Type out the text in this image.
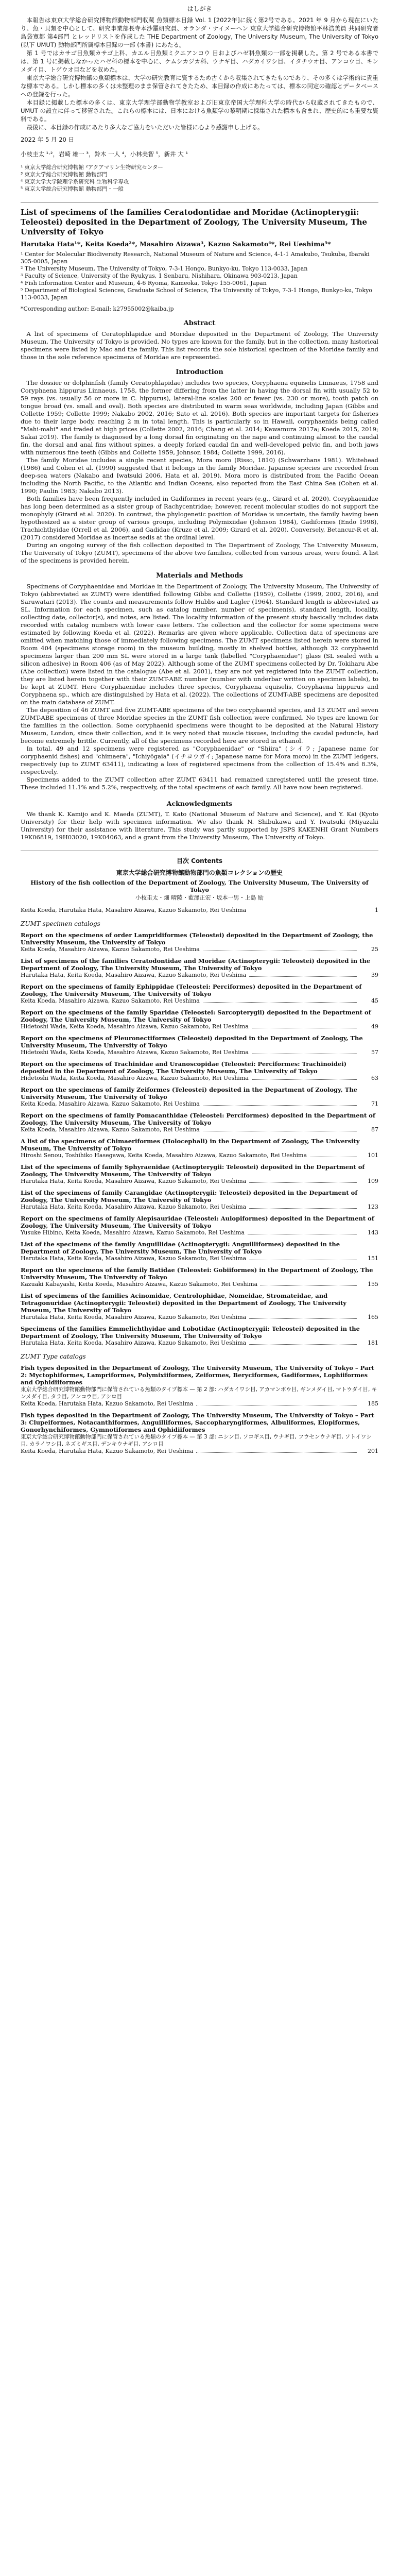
はしがき

本報告は東京大学総合研究博物館動物部門収蔵 魚類標本目録 Vol. 1 [2022年]に続く第2号である。2021 年 9 月から現在にいたり、魚・貝類を中心として、研究事業部長寺本沙羅研究員、オランダ・ナイメーヘン 東京大学総合研究博物館平林浩美員 共同研究者 島袋寛都 第4部門 とレッドリストを作成した THE Department of Zoology, The University Museum, The University of Tokyo (以下 UMUT) 動物部門所属標本目録の一部 (本書) にあたる。

第 1 号ではカサゴ目魚類カサゴ上科、カエル目魚類ミクニアンコウ 目およびハゼ科魚類の一部を掲載した。第 2 号である本書では、第 1 号に掲載しなかったハゼ科の標本を中心に、ケムシカジカ科、ウナギ目、ハダカイワシ目、イタチウオ目、アンコウ目、キンメダイ目、トゲウオ目などを収めた。

東京大学総合研究博物館の魚類標本は、大学の研究教育に資するため古くから収集されてきたものであり、その多くは学術的に貴重な標本である。しかし標本の多くは未整理のまま保管されてきたため、本目録の作成にあたっては、標本の同定の確認とデータベースへの登録を行った。

本目録に掲載した標本の多くは、東京大学理学部動物学教室および旧東京帝国大学理科大学の時代から収蔵されてきたもので、UMUT の設立に伴って移管された。これらの標本には、日本における魚類学の黎明期に採集された標本も含まれ、歴史的にも重要な資料である。

最後に、本目録の作成にあたり多大なご協力をいただいた皆様に心より感謝申し上げる。

2022 年 5 月 20 日

小枝圭太 ¹·²，岩崎 雄一 ³，鈴木 一人 ⁴，小林美智 ⁵，新井 大 ¹

¹ 東京大学総合研究博物館 ²アクアマリン生物研究センター

³ 東京大学総合研究博物館 動物部門

⁴ 東京大学大学院理学系研究科 生物科学専攻

⁵ 東京大学総合研究博物館 動物部門・一般

List of specimens of the families Ceratodontidae and Moridae (Actinopterygii: Teleostei) deposited in the Department of Zoology, The University Museum, The University of Tokyo

Harutaka Hata¹*, Keita Koeda²*, Masahiro Aizawa³, Kazuo Sakamoto⁴*, Rei Ueshima⁵*

¹ Center for Molecular Biodiversity Research, National Museum of Nature and Science, 4-1-1 Amakubo, Tsukuba, Ibaraki 305-0005, Japan

² The University Museum, The University of Tokyo, 7-3-1 Hongo, Bunkyo-ku, Tokyo 113-0033, Japan

³ Faculty of Science, University of the Ryukyus, 1 Senbaru, Nishihara, Okinawa 903-0213, Japan

⁴ Fish Information Center and Museum, 4-6 Ryoma, Kameoka, Tokyo 155-0061, Japan

⁵ Department of Biological Sciences, Graduate School of Science, The University of Tokyo, 7-3-1 Hongo, Bunkyo-ku, Tokyo 113-0033, Japan

*Corresponding author: E-mail: k27955002@kaiba.jp

Abstract

A list of specimens of Ceratophlapidae and Moridae deposited in the Department of Zoology, The University Museum, The University of Tokyo is provided. No types are known for the family, but in the collection, many historical specimens were listed by Mac and the family. This list records the sole historical specimen of the Moridae family and those in the sole reference specimens of Moridae are represented.

Introduction

The dossier or dolphinfish (family Ceratophlapidae) includes two species, Coryphaena equiselis Linnaeus, 1758 and Coryphaena hippurus Linnaeus, 1758, the former differing from the latter in having the dorsal fin with usually 52 to 59 rays (vs. usually 56 or more in C. hippurus), lateral-line scales 200 or fewer (vs. 230 or more), tooth patch on tongue broad (vs. small and oval). Both species are distributed in warm seas worldwide, including Japan (Gibbs and Collette 1959; Collette 1999; Nakabo 2002, 2016; Sato et al. 2016). Both species are important targets for fisheries due to their large body, reaching 2 m in total length. This is particularly so in Hawaii, coryphaenids being called "Mahi-mahi" and traded at high prices (Collette 2002, 2016; Chang et al. 2014; Kawamura 2017a; Koeda 2015, 2019; Sakai 2019). The family is diagnosed by a long dorsal fin originating on the nape and continuing almost to the caudal fin, the dorsal and anal fins without spines, a deeply forked caudal fin and well-developed pelvic fin, and both jaws with numerous fine teeth (Gibbs and Collette 1959, Johnson 1984; Collette 1999, 2016).

The family Moridae includes a single recent species, Mora moro (Risso, 1810) (Schwarzhans 1981). Whitehead (1986) and Cohen et al. (1990) suggested that it belongs in the family Moridae. Japanese species are recorded from deep-sea waters (Nakabo and Iwatsuki 2006, Hata et al. 2019). Mora moro is distributed from the Pacific Ocean including the North Pacific, to the Atlantic and Indian Oceans, also reported from the East China Sea (Cohen et al. 1990; Paulin 1983; Nakabo 2013).

Both families have been frequently included in Gadiformes in recent years (e.g., Girard et al. 2020). Coryphaenidae has long been determined as a sister group of Rachycentridae; however, recent molecular studies do not support the monophyly (Girard et al. 2020). In contrast, the phylogenetic position of Moridae is uncertain, the family having been hypothesized as a sister group of various groups, including Polymixiidae (Johnson 1984), Gadiformes (Endo 1998), Trachichthyidae (Orrell et al. 2006), and Gadidae (Kruze et al. 2009; Girard et al. 2020). Conversely, Betancur-R et al. (2017) considered Moridae as incertae sedis at the ordinal level.

During an ongoing survey of the fish collection deposited in The Department of Zoology, The University Museum, The University of Tokyo (ZUMT), specimens of the above two families, collected from various areas, were found. A list of the specimens is provided herein.

Materials and Methods

Specimens of Coryphaenidae and Moridae in the Department of Zoology, The University Museum, The University of Tokyo (abbreviated as ZUMT) were identified following Gibbs and Collette (1959), Collette (1999, 2002, 2016), and Saruwatari (2013). The counts and measurements follow Hubbs and Lagler (1964). Standard length is abbreviated as SL. Information for each specimen, such as catalog number, number of specimen(s), standard length, locality, collecting date, collector(s), and notes, are listed. The locality information of the present study basically includes data recorded with catalog numbers with lower case letters. The collection and the collector for some specimens were estimated by following Koeda et al. (2022). Remarks are given where applicable. Collection data of specimens are omitted when matching those of immediately following specimens. The ZUMT specimens listed herein were stored in Room 404 (specimens storage room) in the museum building, mostly in shelved bottles, although 32 coryphaenid specimens larger than 200 mm SL were stored in a large tank (labelled "Coryphaenidae") glass (SL sealed with a silicon adhesive) in Room 406 (as of May 2022). Although some of the ZUMT specimens collected by Dr. Tokiharu Abe (Abe collection) were listed in the catalogue (Abe et al. 2001), they are not yet registered into the ZUMT collection, they are listed herein together with their ZUMT-ABE number (number with underbar written on specimen labels), to be kept at ZUMT. Here Coryphaenidae includes three species, Coryphaena equiselis, Coryphaena hippurus and Coryphaena sp., which are distinguished by Hata et al. (2022). The collections of ZUMT-ABE specimens are deposited on the main database of ZUMT.

The deposition of 46 ZUMT and five ZUMT-ABE specimens of the two coryphaenid species, and 13 ZUMT and seven ZUMT-ABE specimens of three Moridae species in the ZUMT fish collection were confirmed. No types are known for the families in the collection. Some coryphaenid specimens were thought to be deposited at the Natural History Museum, London, since their collection, and it is very noted that muscle tissues, including the caudal peduncle, had become extremely brittle. Currently, all of the specimens recorded here are stored in ethanol.

In total, 49 and 12 specimens were registered as "Coryphaenidae" or "Shiira" (シイラ; Japanese name for coryphaenid fishes) and "chimaera", "Ichiyōgaia" (イチヨウガイ; Japanese name for Mora moro) in the ZUMT ledgers, respectively (up to ZUMT 63411), indicating a loss of registered specimens from the collection of 15.4% and 8.3%, respectively.

Specimens added to the ZUMT collection after ZUMT 63411 had remained unregistered until the present time. These included 11.1% and 5.2%, respectively, of the total specimens of each family. All have now been registered.

Acknowledgments

We thank K. Kamijo and K. Maeda (ZUMT), T. Kato (National Museum of Nature and Science), and Y. Kai (Kyoto University) for their help with specimen information. We also thank N. Shibukawa and Y. Iwatsuki (Miyazaki University) for their assistance with literature. This study was partly supported by JSPS KAKENHI Grant Numbers 19K06819, 19H03020, 19K04063, and a grant from the University Museum, The University of Tokyo.

目次 Contents

東京大学総合研究博物館動物部門の魚類コレクションの歴史

History of the fish collection of the Department of Zoology, The University Museum, The University of Tokyo

小枝圭太・畑 晴陵・藍澤正宏・坂本一男・上島 励

Keita Koeda, Harutaka Hata, Masahiro Aizawa, Kazuo Sakamoto, Rei Ueshima	1

ZUMT specimen catalogs

Report on the specimens of order Lampridiformes (Teleostei) deposited in the Department of Zoology, the University Museum, the University of Tokyo

Keita Koeda, Masahiro Aizawa, Kazuo Sakamoto, Rei Ueshima	25

List of specimens of the families Ceratodontidae and Moridae (Actinopterygii: Teleostei) deposited in the Department of Zoology, The University Museum, The University of Tokyo

Harutaka Hata, Keita Koeda, Masahiro Aizawa, Kazuo Sakamoto, Rei Ueshima	39

Report on the specimens of family Ephippidae (Teleostei: Perciformes) deposited in the Department of Zoology, The University Museum, The University of Tokyo

Keita Koeda, Masahiro Aizawa, Kazuo Sakamoto, Rei Ueshima	45

Report on the specimens of the family Sparidae (Teleostei: Sarcopterygii) deposited in the Department of Zoology, The University Museum, The University of Tokyo

Hidetoshi Wada, Keita Koeda, Masahiro Aizawa, Kazuo Sakamoto, Rei Ueshima	49

Report on the specimens of Pleuronectiformes (Teleostei) deposited in the Department of Zoology, The University Museum, The University of Tokyo

Hidetoshi Wada, Keita Koeda, Masahiro Aizawa, Kazuo Sakamoto, Rei Ueshima	57

Report on the specimens of Trachinidae and Uranoscopidae (Teleostei: Perciformes: Trachinoidei) deposited in the Department of Zoology, The University Museum, The University of Tokyo

Hidetoshi Wada, Keita Koeda, Masahiro Aizawa, Kazuo Sakamoto, Rei Ueshima	63

Report on the specimens of family Zeiformes (Teleostei) deposited in the Department of Zoology, The University Museum, The University of Tokyo

Keita Koeda, Masahiro Aizawa, Kazuo Sakamoto, Rei Ueshima	71

Report on the specimens of family Pomacanthidae (Teleostei: Perciformes) deposited in the Department of Zoology, The University Museum, The University of Tokyo

Keita Koeda, Masahiro Aizawa, Kazuo Sakamoto, Rei Ueshima	87

A list of the specimens of Chimaeriformes (Holocephali) in the Department of Zoology, The University Museum, The University of Tokyo

Hiroshi Senou, Toshihiko Hasegawa, Keita Koeda, Masahiro Aizawa, Kazuo Sakamoto, Rei Ueshima	101

List of the specimens of family Sphyraenidae (Actinopterygii: Teleostei) deposited in the Department of Zoology, The University Museum, The University of Tokyo

Harutaka Hata, Keita Koeda, Masahiro Aizawa, Kazuo Sakamoto, Rei Ueshima	109

List of the specimens of family Carangidae (Actinopterygii: Teleostei) deposited in the Department of Zoology, The University Museum, The University of Tokyo

Harutaka Hata, Keita Koeda, Masahiro Aizawa, Kazuo Sakamoto, Rei Ueshima	123

Report on the specimens of family Alepisauridae (Teleostei: Aulopiformes) deposited in the Department of Zoology, The University Museum, The University of Tokyo

Yusuke Hibino, Keita Koeda, Masahiro Aizawa, Kazuo Sakamoto, Rei Ueshima	143

List of the specimens of the family Anguillidae (Actinopterygii: Anguilliformes) deposited in the Department of Zoology, The University Museum, The University of Tokyo

Harutaka Hata, Keita Koeda, Masahiro Aizawa, Kazuo Sakamoto, Rei Ueshima	151

Report on the specimens of the family Batidae (Teleostei: Gobiiformes) in the Department of Zoology, The University Museum, The University of Tokyo

Kazuaki Kabayashi, Keita Koeda, Masahiro Aizawa, Kazuo Sakamoto, Rei Ueshima	155

List of specimens of the families Acinomidae, Centrolophidae, Nomeidae, Stromateidae, and Tetragonuridae (Actinopterygii: Teleostei) deposited in the Department of Zoology, The University Museum, The University of Tokyo

Harutaka Hata, Keita Koeda, Masahiro Aizawa, Kazuo Sakamoto, Rei Ueshima	165

Specimens of the families Emmelichthyidae and Lobotidae (Actinopterygii: Teleostei) deposited in the Department of Zoology, The University Museum, The University of Tokyo

Harutaka Hata, Keita Koeda, Masahiro Aizawa, Kazuo Sakamoto, Rei Ueshima	181

ZUMT Type catalogs

Fish types deposited in the Department of Zoology, The University Museum, The University of Tokyo – Part 2: Myctophiformes, Lampriformes, Polymixiiformes, Zeiformes, Beryciformes, Gadiformes, Lophiiformes and Ophidiiformes

東京大学総合研究博物館動物部門に保管されている魚類のタイプ標本 — 第 2 部: ハダカイワシ目, アカマンボウ目, ギンメダイ目, マトウダイ目, キンメダイ目, タラ目, アンコウ目, アシロ目

Keita Koeda, Harutaka Hata, Kazuo Sakamoto, Rei Ueshima	185

Fish types deposited in the Department of Zoology, The University Museum, The University of Tokyo – Part 3: Clupeiformes, Notacanthiformes, Anguilliformes, Saccopharyngiformes, Albuliformes, Elopiformes, Gonorhynchiformes, Gymnotiformes and Ophidiiformes

東京大学総合研究博物館動物部門に保管されている魚類のタイプ標本 — 第 3 部: ニシン目, ソコギス目, ウナギ目, フウセンウナギ目, ソトイワシ目, カライワシ目, ネズミギス目, デンキウナギ目, アシロ目

Keita Koeda, Harutaka Hata, Kazuo Sakamoto, Rei Ueshima	201
